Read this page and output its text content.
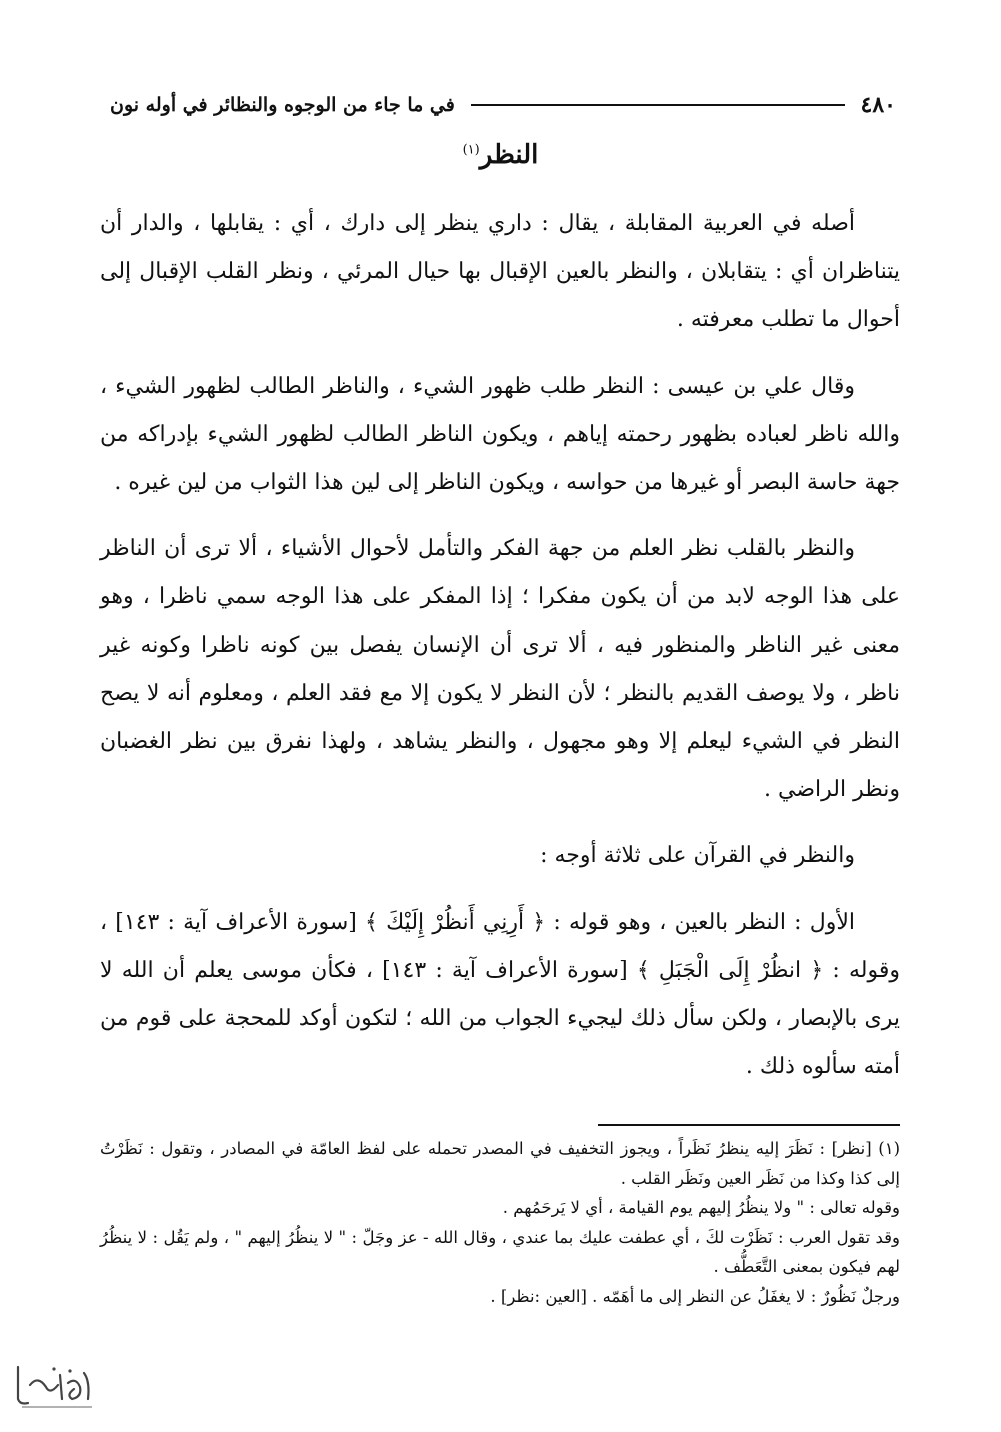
٤٨٠
في ما جاء من الوجوه والنظائر في أوله نون
النظر$^{(١)}$

أصله في العربية المقابلة ، يقال : داري ينظر إلى دارك ، أي : يقابلها ، والدار أن يتناظران أي : يتقابلان ، والنظر بالعين الإقبال بها حيال المرئي ، ونظر القلب الإقبال إلى أحوال ما تطلب معرفته .

وقال علي بن عيسى : النظر طلب ظهور الشيء ، والناظر الطالب لظهور الشيء ، والله ناظر لعباده بظهور رحمته إياهم ، ويكون الناظر الطالب لظهور الشيء بإدراكه من جهة حاسة البصر أو غيرها من حواسه ، ويكون الناظر إلى لين هذا الثواب من لين غيره .

والنظر بالقلب نظر العلم من جهة الفكر والتأمل لأحوال الأشياء ، ألا ترى أن الناظر على هذا الوجه لابد من أن يكون مفكرا ؛ إذا المفكر على هذا الوجه سمي ناظرا ، وهو معنى غير الناظر والمنظور فيه ، ألا ترى أن الإنسان يفصل بين كونه ناظرا وكونه غير ناظر ، ولا يوصف القديم بالنظر ؛ لأن النظر لا يكون إلا مع فقد العلم ، ومعلوم أنه لا يصح النظر في الشيء ليعلم إلا وهو مجهول ، والنظر يشاهد ، ولهذا نفرق بين نظر الغضبان ونظر الراضي .

والنظر في القرآن على ثلاثة أوجه :

الأول : النظر بالعين ، وهو قوله : ﴿ أَرِنِي أَنظُرْ إِلَيْكَ ﴾ [سورة الأعراف آية : ١٤٣] ، وقوله : ﴿ انظُرْ إِلَى الْجَبَلِ ﴾ [سورة الأعراف آية : ١٤٣] ، فكأن موسى يعلم أن الله لا يرى بالإبصار ، ولكن سأل ذلك ليجيء الجواب من الله ؛ لتكون أوكد للمحجة على قوم من أمته سألوه ذلك .

(١) [نظر] : نَظَرَ إليه ينظرُ نَظَراً ، ويجوز التخفيف في المصدر تحمله على لفظ العامّة في المصادر ، وتقول : نَظَرْتُ إلى كذا وكذا من نَظَر العين ونَظَر القلب .

وقوله تعالى : " ولا ينظُرُ إليهم يوم القيامة ، أي لا يَرحَمُهم .

وقد تقول العرب : نَظَرْت لكَ ، أي عطفت عليك بما عندي ، وقال الله - عز وجَلّ : " لا ينظُرُ إليهم " ، ولم يَقُل : لا ينظُرُ لهم فيكون بمعنى التَّعَطُّف .

ورجلٌ نَظُورٌ : لا يغفَلُ عن النظر إلى ما أهَمّه . [العين :نظر] .
